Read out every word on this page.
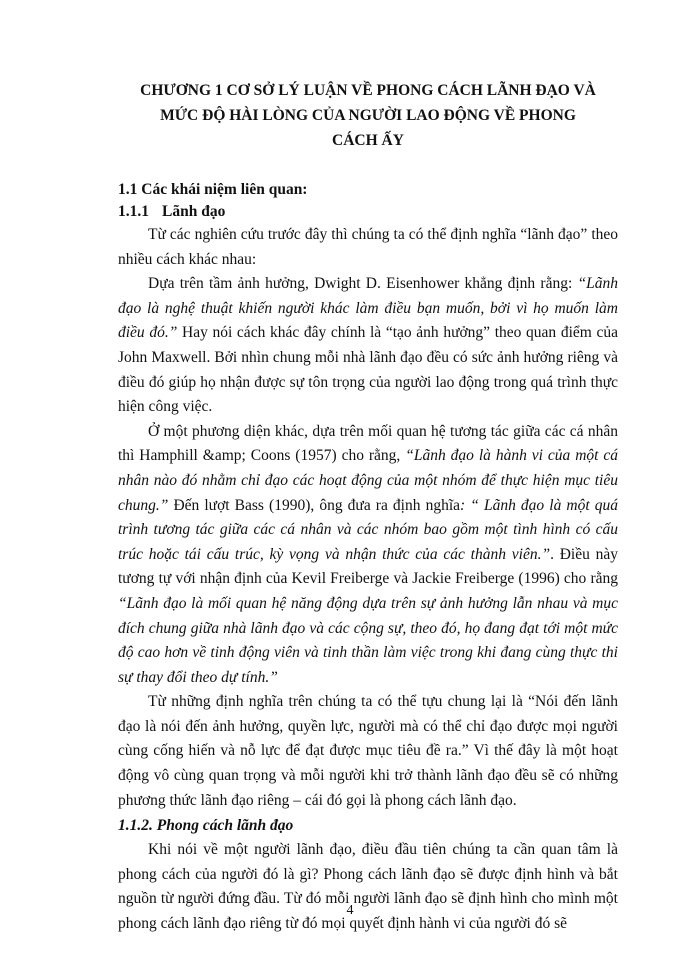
CHƯƠNG 1 CƠ SỞ LÝ LUẬN VỀ PHONG CÁCH LÃNH ĐẠO VÀ
MỨC ĐỘ HÀI LÒNG CỦA NGƯỜI LAO ĐỘNG VỀ PHONG
CÁCH ẤY

1.1 Các khái niệm liên quan:

1.1.1 Lãnh đạo

Từ các nghiên cứu trước đây thì chúng ta có thể định nghĩa “lãnh đạo” theo nhiều cách khác nhau:

Dựa trên tầm ảnh hưởng, Dwight D. Eisenhower khẳng định rằng: “Lãnh đạo là nghệ thuật khiến người khác làm điều bạn muốn, bởi vì họ muốn làm điều đó.” Hay nói cách khác đây chính là “tạo ảnh hưởng” theo quan điểm của John Maxwell. Bởi nhìn chung mỗi nhà lãnh đạo đều có sức ảnh hưởng riêng và điều đó giúp họ nhận được sự tôn trọng của người lao động trong quá trình thực hiện công việc.

Ở một phương diện khác, dựa trên mối quan hệ tương tác giữa các cá nhân thì Hamphill &amp; Coons (1957) cho rằng, “Lãnh đạo là hành vi của một cá nhân nào đó nhằm chỉ đạo các hoạt động của một nhóm để thực hiện mục tiêu chung.” Đến lượt Bass (1990), ông đưa ra định nghĩa: “ Lãnh đạo là một quá trình tương tác giữa các cá nhân và các nhóm bao gồm một tình hình có cấu trúc hoặc tái cấu trúc, kỳ vọng và nhận thức của các thành viên.”. Điều này tương tự với nhận định của Kevil Freiberge và Jackie Freiberge (1996) cho rằng “Lãnh đạo là mối quan hệ năng động dựa trên sự ảnh hưởng lẫn nhau và mục đích chung giữa nhà lãnh đạo và các cộng sự, theo đó, họ đang đạt tới một mức độ cao hơn về tinh động viên và tinh thần làm việc trong khi đang cùng thực thi sự thay đổi theo dự tính.”

Từ những định nghĩa trên chúng ta có thể tựu chung lại là “Nói đến lãnh đạo là nói đến ảnh hưởng, quyền lực, người mà có thể chỉ đạo được mọi người cùng cống hiến và nỗ lực để đạt được mục tiêu đề ra.” Vì thế đây là một hoạt động vô cùng quan trọng và mỗi người khi trở thành lãnh đạo đều sẽ có những phương thức lãnh đạo riêng – cái đó gọi là phong cách lãnh đạo.

1.1.2. Phong cách lãnh đạo

Khi nói về một người lãnh đạo, điều đầu tiên chúng ta cần quan tâm là phong cách của người đó là gì? Phong cách lãnh đạo sẽ được định hình và bắt nguồn từ người đứng đầu. Từ đó mỗi người lãnh đạo sẽ định hình cho mình một phong cách lãnh đạo riêng từ đó mọi quyết định hành vi của người đó sẽ

4
